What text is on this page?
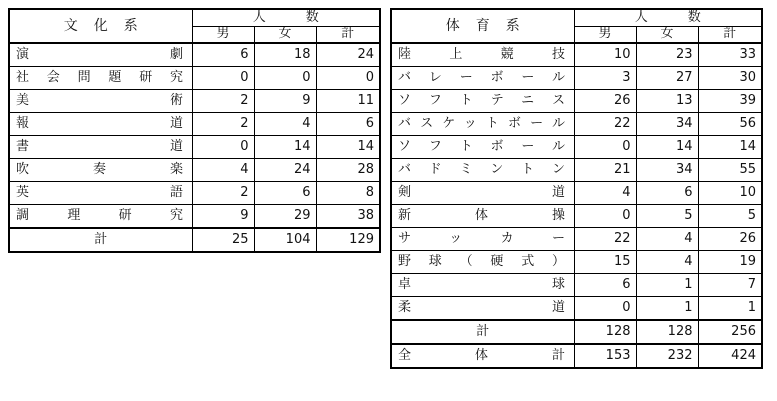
文化系	人数		
	男	女	計

演劇	6	18	24

社会問題研究	0	0	0

美術	2	9	11

報道	2	4	6

書道	0	14	14

吹奏楽	4	24	28

英語	2	6	8

調理研究	9	29	38
計	25	104	129
体育系	人数		
	男	女	計

陸上競技	10	23	33

バレーボール	3	27	30

ソフトテニス	26	13	39

バスケットボール	22	34	56

ソフトボール	0	14	14

バドミントン	21	34	55

剣道	4	6	10

新体操	0	5	5

サッカー	22	4	26

野球（硬式）	15	4	19

卓球	6	1	7

柔道	0	1	1
計	128	128	256

全体計	153	232	424
